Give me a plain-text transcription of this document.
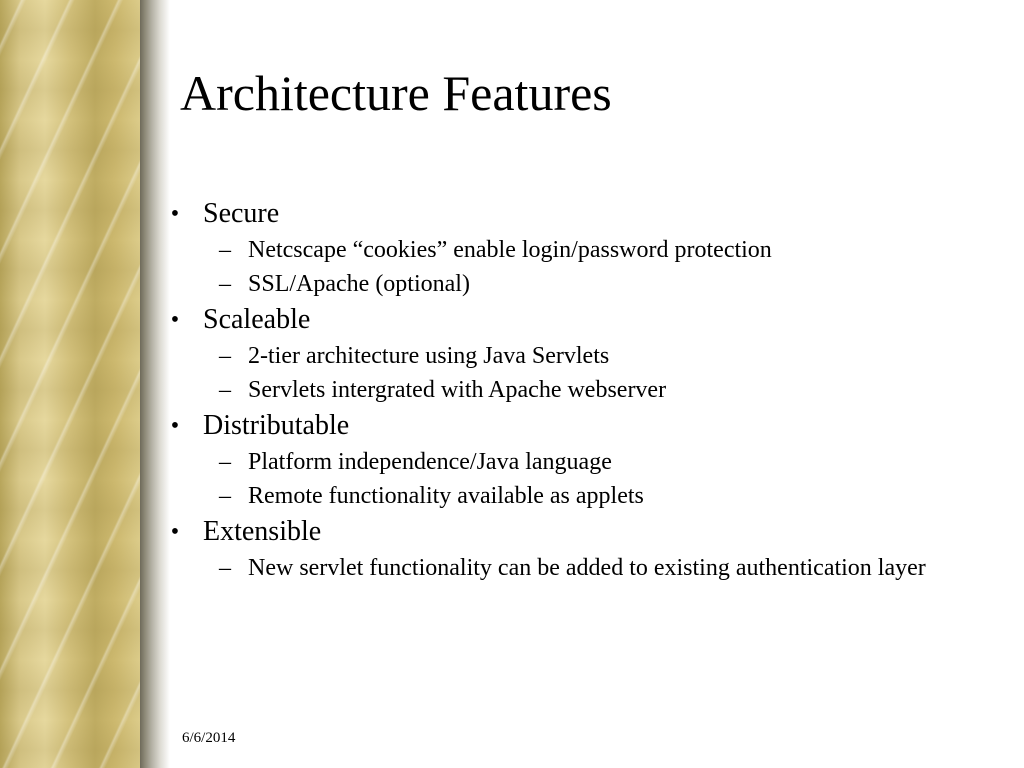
Architecture Features

• Secure

– Netcscape “cookies” enable login/password protection

– SSL/Apache (optional)

• Scaleable

– 2-tier architecture using Java Servlets

– Servlets intergrated with Apache webserver

• Distributable

– Platform independence/Java language

– Remote functionality available as applets

• Extensible

– New servlet functionality can be added to existing authentication layer

6/6/2014
